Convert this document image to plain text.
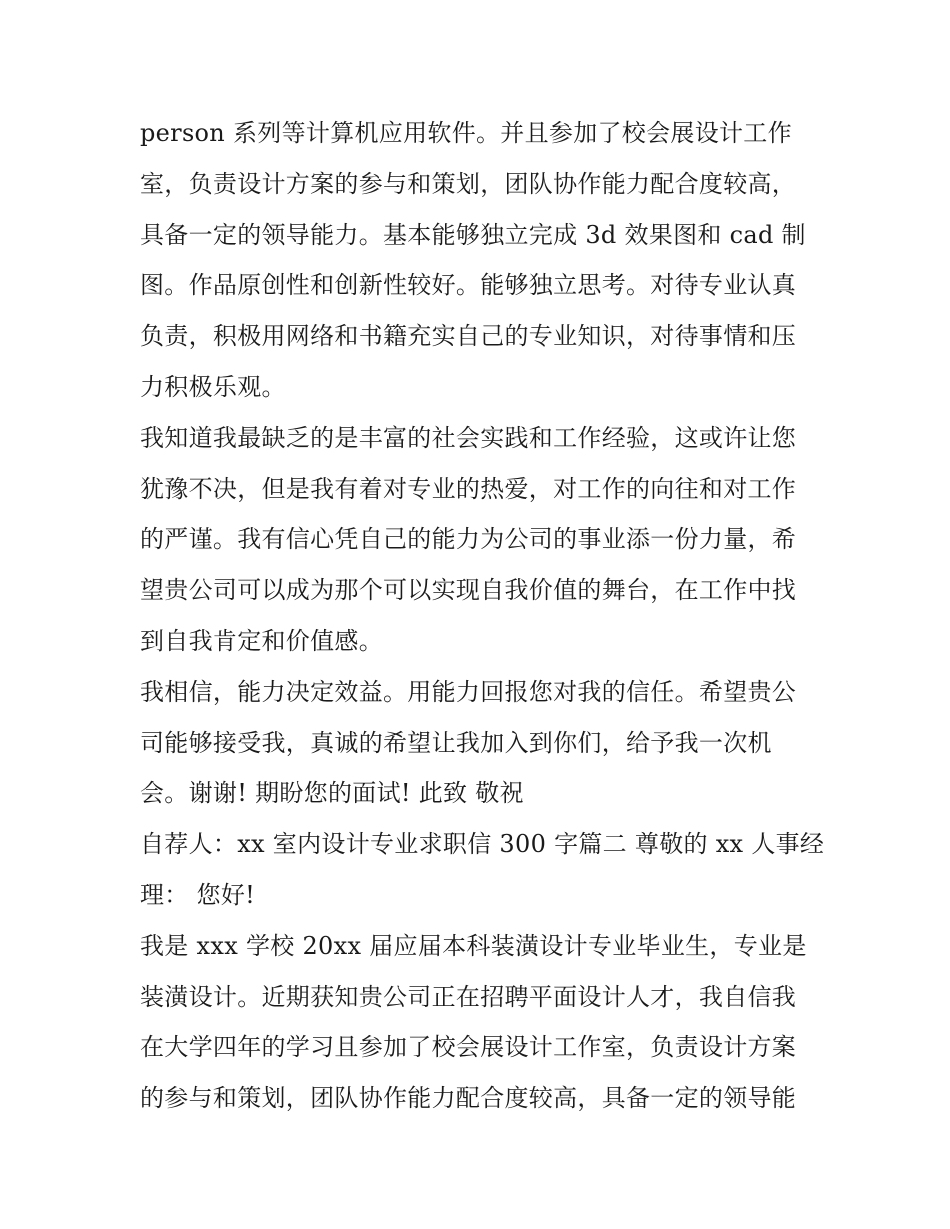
person 系列等计算机应用软件。并且参加了校会展设计工作
室，负责设计方案的参与和策划，团队协作能力配合度较高，
具备一定的领导能力。基本能够独立完成 3d 效果图和 cad 制
图。作品原创性和创新性较好。能够独立思考。对待专业认真
负责，积极用网络和书籍充实自己的专业知识，对待事情和压
力积极乐观。
我知道我最缺乏的是丰富的社会实践和工作经验，这或许让您
犹豫不决，但是我有着对专业的热爱，对工作的向往和对工作
的严谨。我有信心凭自己的能力为公司的事业添一份力量，希
望贵公司可以成为那个可以实现自我价值的舞台，在工作中找
到自我肯定和价值感。
我相信，能力决定效益。用能力回报您对我的信任。希望贵公
司能够接受我，真诚的希望让我加入到你们，给予我一次机
会。谢谢! 期盼您的面试! 此致 敬祝
自荐人：xx 室内设计专业求职信 300 字篇二 尊敬的 xx 人事经
理： 您好!
我是 xxx 学校 20xx 届应届本科装潢设计专业毕业生，专业是
装潢设计。近期获知贵公司正在招聘平面设计人才，我自信我
在大学四年的学习且参加了校会展设计工作室，负责设计方案
的参与和策划，团队协作能力配合度较高，具备一定的领导能
